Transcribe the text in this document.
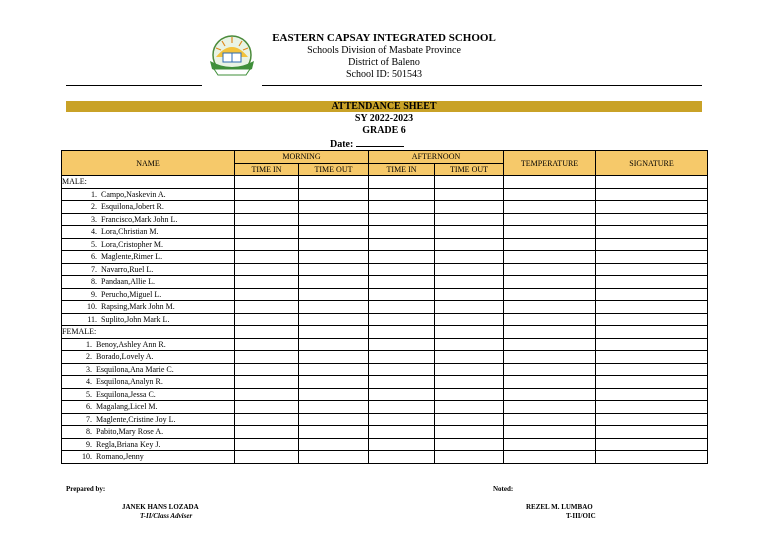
EASTERN CAPSAY INTEGRATED SCHOOL
Schools Division of Masbate Province
District of Baleno
School ID: 501543
ATTENDANCE SHEET
SY 2022-2023
GRADE 6
Date:
NAME	MORNING		AFTERNOON		TEMPERATURE	SIGNATURE
	TIME IN	TIME OUT	TIME IN	TIME OUT		
MALE:						
1. Campo,Naskevin A.						
2. Esquilona,Jobert R.						
3. Francisco,Mark John L.						
4. Lora,Christian M.						
5. Lora,Cristopher M.						
6. Maglente,Rimer L.						
7. Navarro,Ruel L.						
8. Pandaan,Allie L.						
9. Perucho,Miguel L.						
10. Rapsing,Mark John M.						
11. Suplito,John Mark L.						
FEMALE:						
1. Benoy,Ashley Ann R.						
2. Borado,Lovely A.						
3. Esquilona,Ana Marie C.						
4. Esquilona,Analyn R.						
5. Esquilona,Jessa C.						
6. Magalang,Licel M.						
7. Maglente,Cristine Joy L.						
8. Pabito,Mary Rose A.						
9. Regla,Briana Key J.						
10. Romano,Jenny						
Prepared by:	Noted:
JANEK HANS LOZADA
T-II/Class Adviser
REZEL M. LUMBAO
T-III/OIC
